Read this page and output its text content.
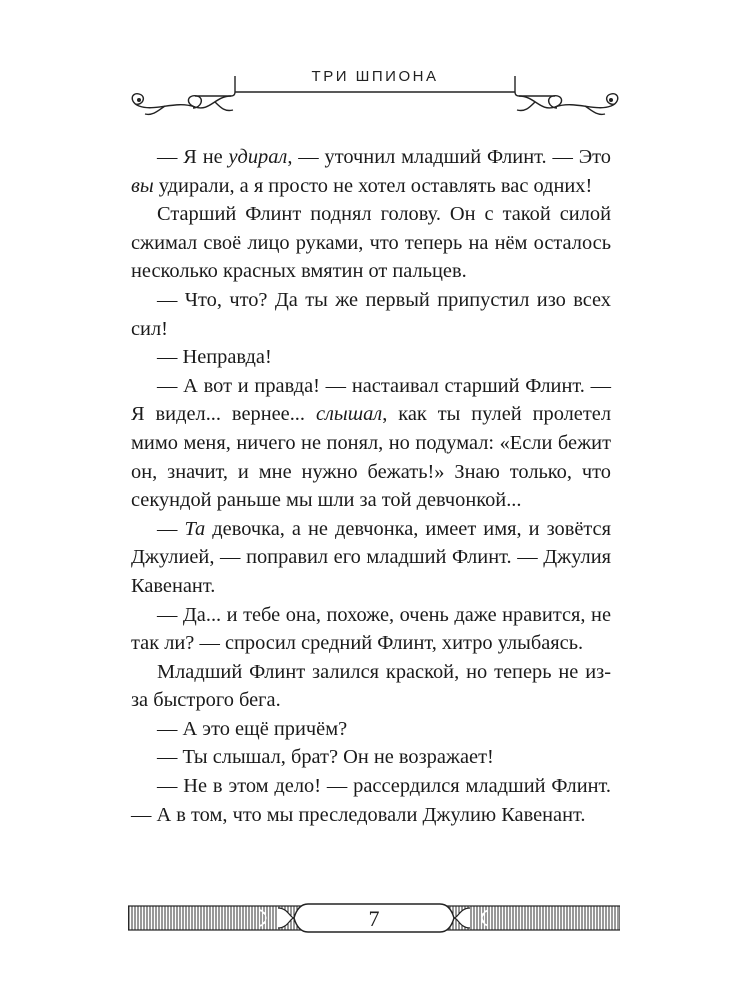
ТРИ ШПИОНА

— Я не удирал, — уточнил младший Флинт. — Это вы удирали, а я просто не хотел оставлять вас одних!

Старший Флинт поднял голову. Он с такой силой сжимал своё лицо руками, что теперь на нём осталось несколько красных вмятин от пальцев.

— Что, что? Да ты же первый припустил изо всех сил!

— Неправда!

— А вот и правда! — настаивал старший Флинт. — Я видел... вернее... слышал, как ты пулей пролетел мимо меня, ничего не понял, но подумал: «Если бежит он, значит, и мне нужно бежать!» Знаю только, что секундой раньше мы шли за той девчонкой...

— Та девочка, а не девчонка, имеет имя, и зовётся Джулией, — поправил его младший Флинт. — Джулия Кавенант.

— Да... и тебе она, похоже, очень даже нравится, не так ли? — спросил средний Флинт, хитро улыбаясь.

Младший Флинт залился краской, но теперь не из-за быстрого бега.

— А это ещё причём?

— Ты слышал, брат? Он не возражает!

— Не в этом дело! — рассердился младший Флинт. — А в том, что мы преследовали Джулию Кавенант.

7
